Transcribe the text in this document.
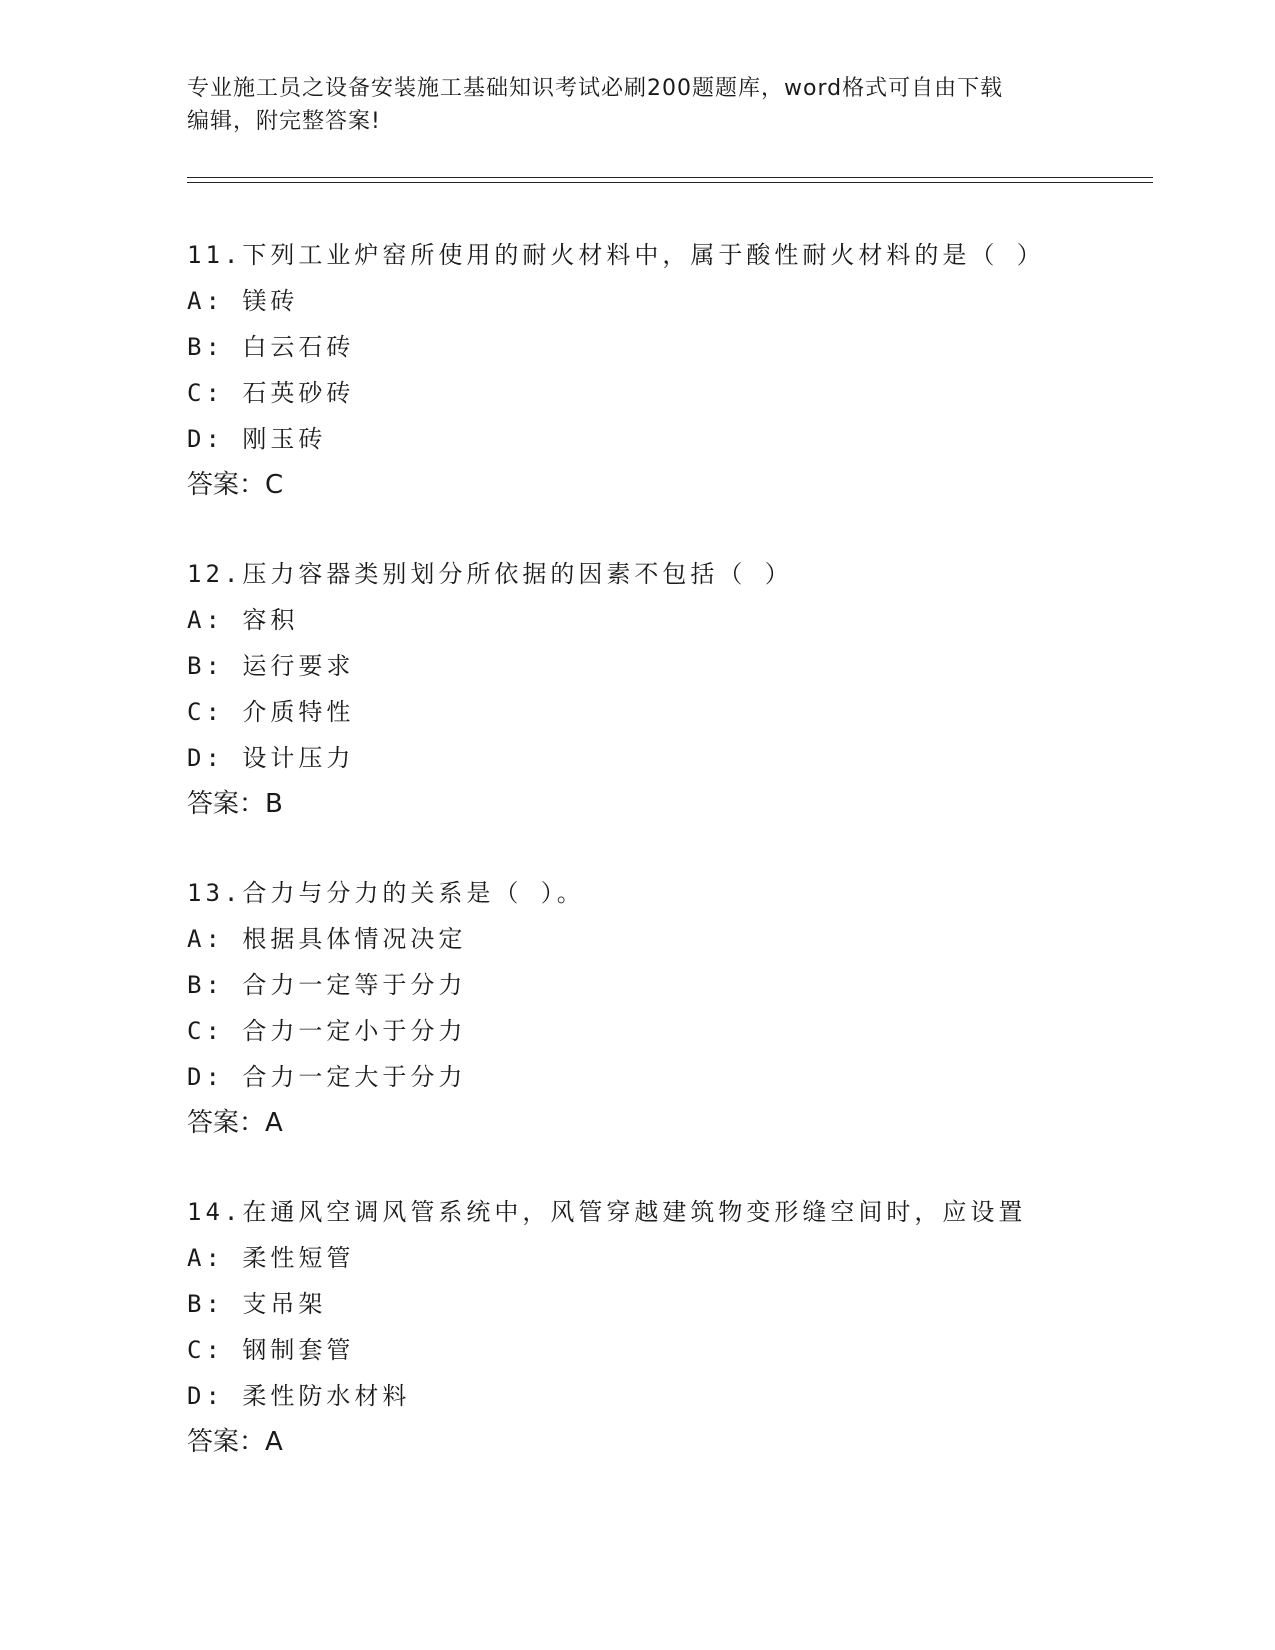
专业施工员之设备安装施工基础知识考试必刷200题题库，word格式可自由下载
编辑，附完整答案!
11.下列工业炉窑所使用的耐火材料中，属于酸性耐火材料的是（ ）
A: 镁砖
B: 白云石砖
C: 石英砂砖
D: 刚玉砖
答案：C
12.压力容器类别划分所依据的因素不包括（ ）
A: 容积
B: 运行要求
C: 介质特性
D: 设计压力
答案：B
13.合力与分力的关系是（ ）。
A: 根据具体情况决定
B: 合力一定等于分力
C: 合力一定小于分力
D: 合力一定大于分力
答案：A
14.在通风空调风管系统中，风管穿越建筑物变形缝空间时，应设置
A: 柔性短管
B: 支吊架
C: 钢制套管
D: 柔性防水材料
答案：A
